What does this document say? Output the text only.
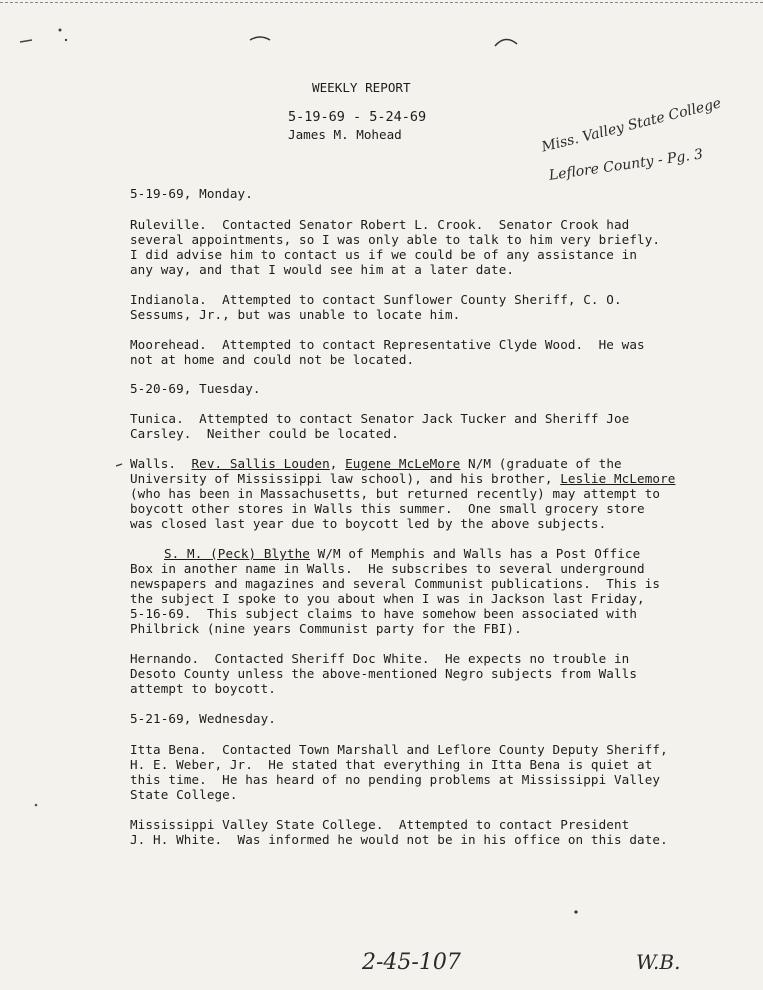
WEEKLY REPORT

5-19-69 - 5-24-69

James M. Mohead	Miss. Valley State College

Leflore County - Pg. 3

5-19-69, Monday.

Ruleville.  Contacted Senator Robert L. Crook.  Senator Crook had

several appointments, so I was only able to talk to him very briefly.

I did advise him to contact us if we could be of any assistance in

any way, and that I would see him at a later date.

Indianola.  Attempted to contact Sunflower County Sheriff, C. O.

Sessums, Jr., but was unable to locate him.

Moorehead.  Attempted to contact Representative Clyde Wood.  He was

not at home and could not be located.

5-20-69, Tuesday.

Tunica.  Attempted to contact Senator Jack Tucker and Sheriff Joe

Carsley.  Neither could be located.

Walls.  Rev. Sallis Louden, Eugene McLeMore N/M (graduate of the

University of Mississippi law school), and his brother, Leslie McLemore

(who has been in Massachusetts, but returned recently) may attempt to

boycott other stores in Walls this summer.  One small grocery store

was closed last year due to boycott led by the above subjects.

S. M. (Peck) Blythe W/M of Memphis and Walls has a Post Office

Box in another name in Walls.  He subscribes to several underground

newspapers and magazines and several Communist publications.  This is

the subject I spoke to you about when I was in Jackson last Friday,

5-16-69.  This subject claims to have somehow been associated with

Philbrick (nine years Communist party for the FBI).

Hernando.  Contacted Sheriff Doc White.  He expects no trouble in

Desoto County unless the above-mentioned Negro subjects from Walls

attempt to boycott.

5-21-69, Wednesday.

Itta Bena.  Contacted Town Marshall and Leflore County Deputy Sheriff,

H. E. Weber, Jr.  He stated that everything in Itta Bena is quiet at

this time.  He has heard of no pending problems at Mississippi Valley

State College.

Mississippi Valley State College.  Attempted to contact President

J. H. White.  Was informed he would not be in his office on this date.

2-45-107	W.B.
